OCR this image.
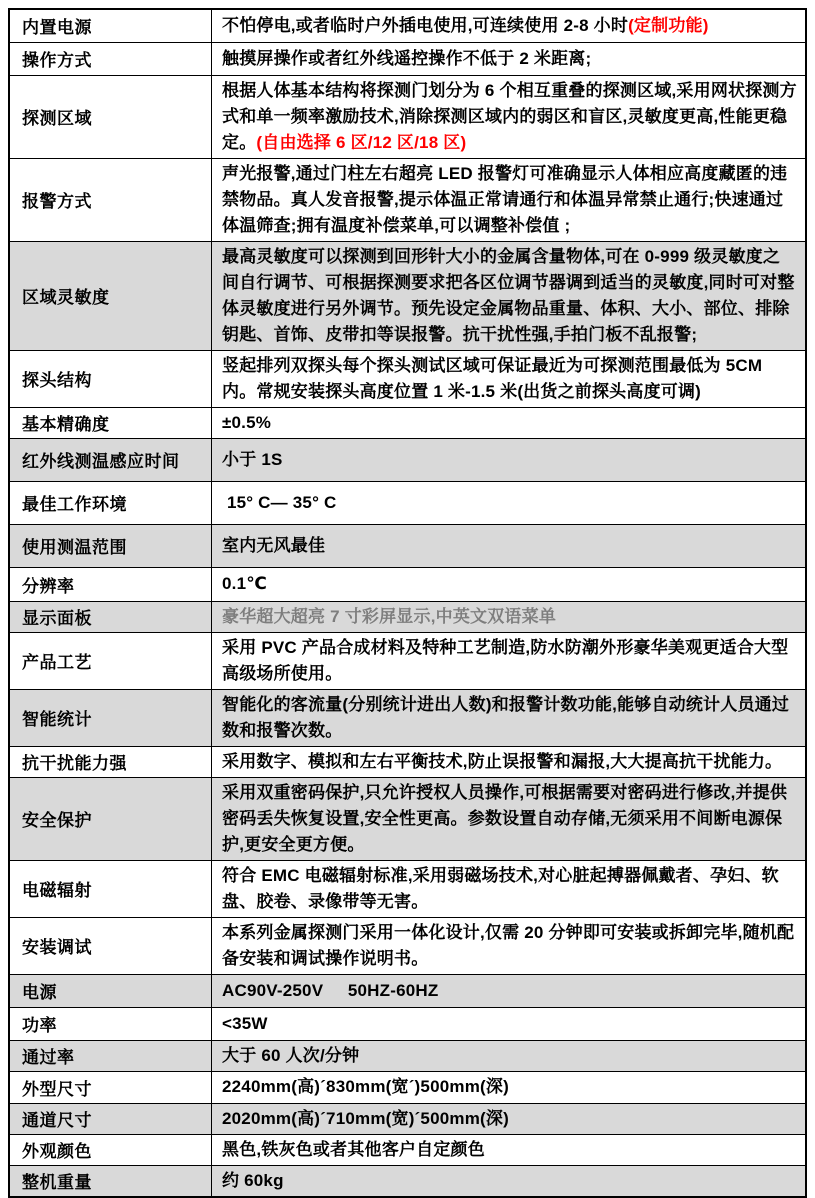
内置电源	不怕停电,或者临时户外插电使用,可连续使用 2-8 小时(定制功能)
操作方式	触摸屏操作或者红外线遥控操作不低于 2 米距离;
探测区域	根据人体基本结构将探测门划分为 6 个相互重叠的探测区域,采用网状探测方式和单一频率激励技术,消除探测区域内的弱区和盲区,灵敏度更高,性能更稳定。(自由选择 6 区/12 区/18 区)
报警方式	声光报警,通过门柱左右超亮 LED 报警灯可准确显示人体相应高度藏匿的违禁物品。真人发音报警,提示体温正常请通行和体温异常禁止通行;快速通过体温筛查;拥有温度补偿菜单,可以调整补偿值 ;
区域灵敏度	最高灵敏度可以探测到回形针大小的金属含量物体,可在 0-999 级灵敏度之间自行调节、可根据探测要求把各区位调节器调到适当的灵敏度,同时可对整体灵敏度进行另外调节。预先设定金属物品重量、体积、大小、部位、排除钥匙、首饰、皮带扣等误报警。抗干扰性强,手拍门板不乱报警;
探头结构	竖起排列双探头每个探头测试区域可保证最近为可探测范围最低为 5CM 内。常规安装探头高度位置 1 米-1.5 米(出货之前探头高度可调)
基本精确度	±0.5%
红外线测温感应时间	小于 1S
最佳工作环境	15° C— 35° C
使用测温范围	室内无风最佳
分辨率	0.1℃
显示面板	豪华超大超亮 7 寸彩屏显示,中英文双语菜单
产品工艺	采用 PVC 产品合成材料及特种工艺制造,防水防潮外形豪华美观更适合大型高级场所使用。
智能统计	智能化的客流量(分别统计进出人数)和报警计数功能,能够自动统计人员通过数和报警次数。
抗干扰能力强	采用数字、模拟和左右平衡技术,防止误报警和漏报,大大提高抗干扰能力。
安全保护	采用双重密码保护,只允许授权人员操作,可根据需要对密码进行修改,并提供密码丢失恢复设置,安全性更高。参数设置自动存储,无须采用不间断电源保护,更安全更方便。
电磁辐射	符合 EMC 电磁辐射标准,采用弱磁场技术,对心脏起搏器佩戴者、孕妇、软盘、胶卷、录像带等无害。
安装调试	本系列金属探测门采用一体化设计,仅需 20 分钟即可安装或拆卸完毕,随机配备安装和调试操作说明书。
电源	AC90V-250V     50HZ-60HZ
功率	<35W
通过率	大于 60 人次/分钟
外型尺寸	2240mm(高)´830mm(宽´)500mm(深)
通道尺寸	2020mm(高)´710mm(宽)´500mm(深)
外观颜色	黑色,铁灰色或者其他客户自定颜色
整机重量	约 60kg
